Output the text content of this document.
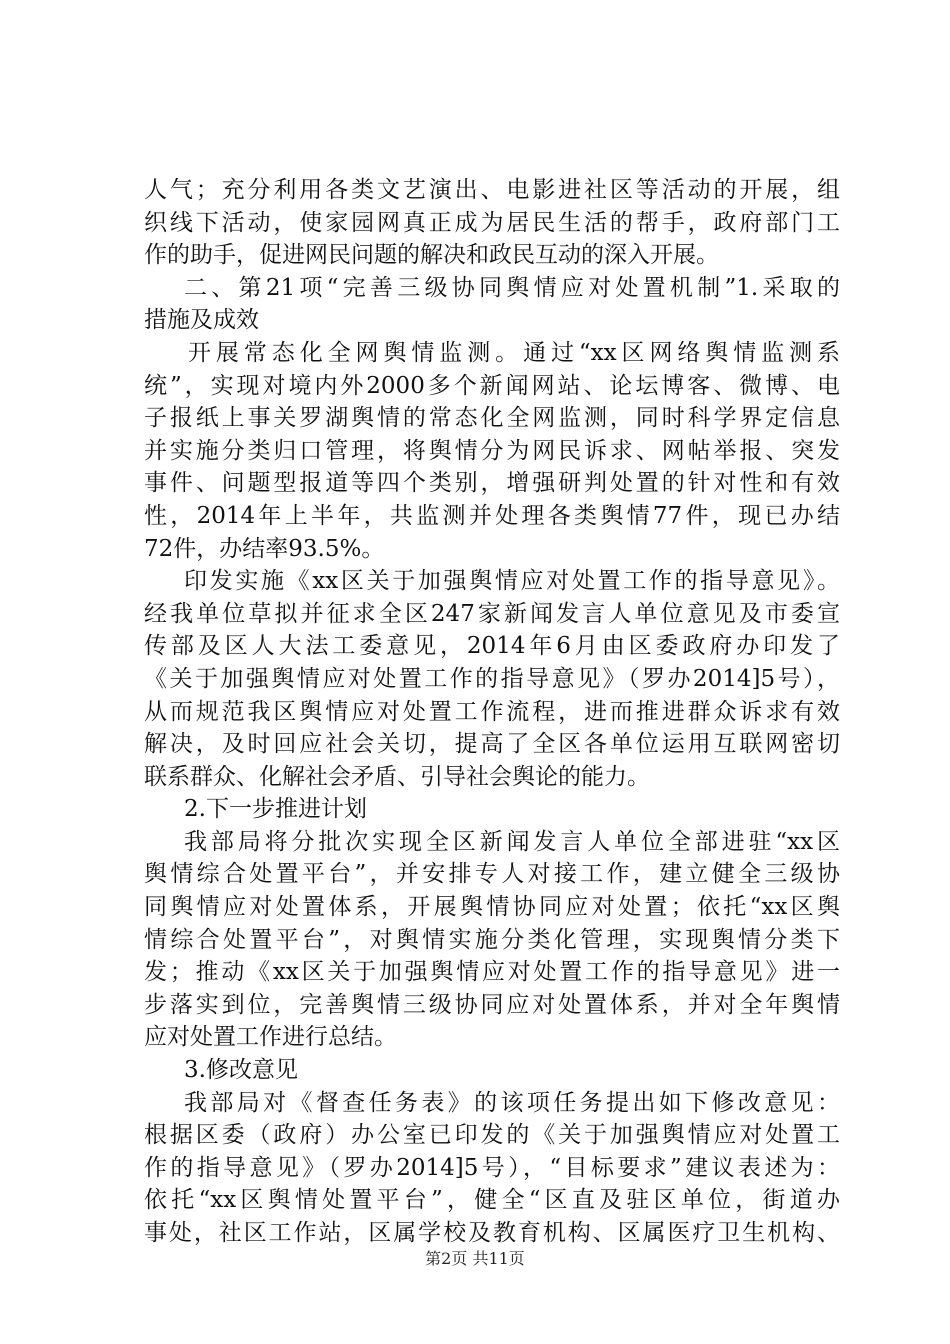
人气；充分利用各类文艺演出、电影进社区等活动的开展，组
织线下活动，使家园网真正成为居民生活的帮手，政府部门工
作的助手，促进网民问题的解决和政民互动的深入开展。
二、第21项“完善三级协同舆情应对处置机制”1.采取的
措施及成效
开展常态化全网舆情监测。通过“xx区网络舆情监测系
统”，实现对境内外2000多个新闻网站、论坛博客、微博、电
子报纸上事关罗湖舆情的常态化全网监测，同时科学界定信息
并实施分类归口管理，将舆情分为网民诉求、网帖举报、突发
事件、问题型报道等四个类别，增强研判处置的针对性和有效
性，2014年上半年，共监测并处理各类舆情77件，现已办结
72件，办结率93.5%。
印发实施《xx区关于加强舆情应对处置工作的指导意见》。
经我单位草拟并征求全区247家新闻发言人单位意见及市委宣
传部及区人大法工委意见，2014年6月由区委政府办印发了
《关于加强舆情应对处置工作的指导意见》（罗办2014]5号），
从而规范我区舆情应对处置工作流程，进而推进群众诉求有效
解决，及时回应社会关切，提高了全区各单位运用互联网密切
联系群众、化解社会矛盾、引导社会舆论的能力。
2.下一步推进计划
我部局将分批次实现全区新闻发言人单位全部进驻“xx区
舆情综合处置平台”，并安排专人对接工作，建立健全三级协
同舆情应对处置体系，开展舆情协同应对处置；依托“xx区舆
情综合处置平台”，对舆情实施分类化管理，实现舆情分类下
发；推动《xx区关于加强舆情应对处置工作的指导意见》进一
步落实到位，完善舆情三级协同应对处置体系，并对全年舆情
应对处置工作进行总结。
3.修改意见
我部局对《督查任务表》的该项任务提出如下修改意见：
根据区委（政府）办公室已印发的《关于加强舆情应对处置工
作的指导意见》（罗办2014]5号），“目标要求”建议表述为：
依托“xx区舆情处置平台”，健全“区直及驻区单位，街道办
事处，社区工作站，区属学校及教育机构、区属医疗卫生机构、
第2页 共11页
